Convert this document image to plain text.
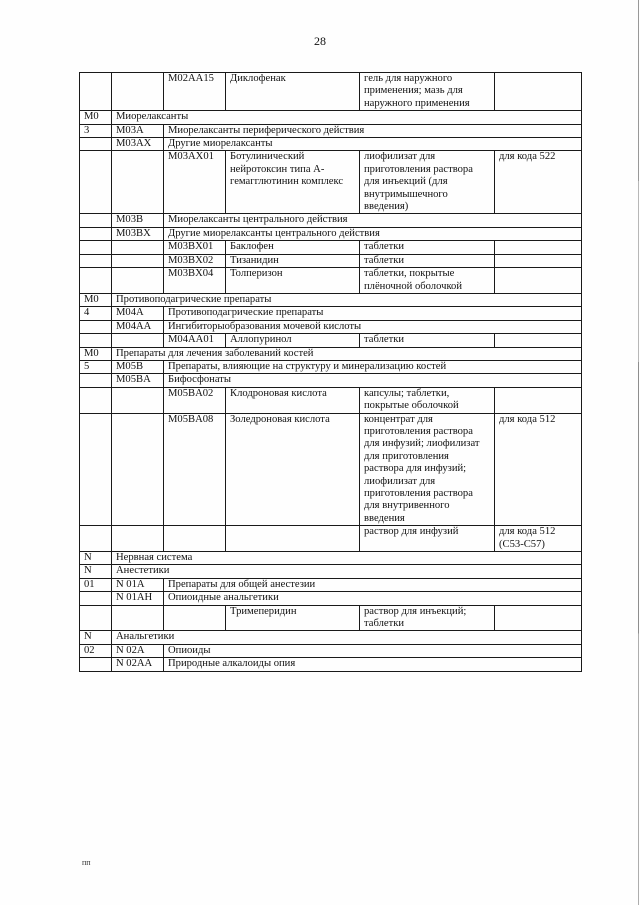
28
		M02AA15	Диклофенак	гель для наружного применения; мазь для наружного применения	
M0	Миорелаксанты				
3	M03A	Миорелаксанты периферического действия			
	M03AX	Другие миорелаксанты			
		M03AX01	Ботулинический нейротоксин типа А-гемагглютинин комплекс	лиофилизат для приготовления раствора для инъекций (для внутримышечного введения)	для кода 522
	M03B	Миорелаксанты центрального действия			
	M03BX	Другие миорелаксанты центрального действия			
		M03BX01	Баклофен	таблетки	
		M03BX02	Тизанидин	таблетки	
		M03BX04	Толперизон	таблетки, покрытые плёночной оболочкой	
M0	Противоподагрические препараты				
4	M04A	Противоподагрические препараты			
	M04AA	Ингибиторыобразования мочевой кислоты			
		M04AA01	Аллопуринол	таблетки	
M0	Препараты для лечения заболеваний костей				
5	M05B	Препараты, влияющие на структуру и минерализацию костей			
	M05BA	Бифосфонаты			
		M05BA02	Клодроновая кислота	капсулы; таблетки, покрытые оболочкой	
		M05BA08	Золедроновая кислота	концентрат для приготовления раствора для инфузий; лиофилизат для приготовления раствора для инфузий; лиофилизат для приготовления раствора для внутривенного введения	для кода 512
				раствор для инфузий	для кода 512 (C53-C57)
N	Нервная система				
N	Анестетики				
01	N 01A	Препараты для общей анестезии			
	N 01AH	Опиоидные анальгетики			
			Тримеперидин	раствор для инъекций; таблетки	
N	Анальгетики				
02	N 02A	Опиоиды			
	N 02AA	Природные алкалоиды опия			
пп
